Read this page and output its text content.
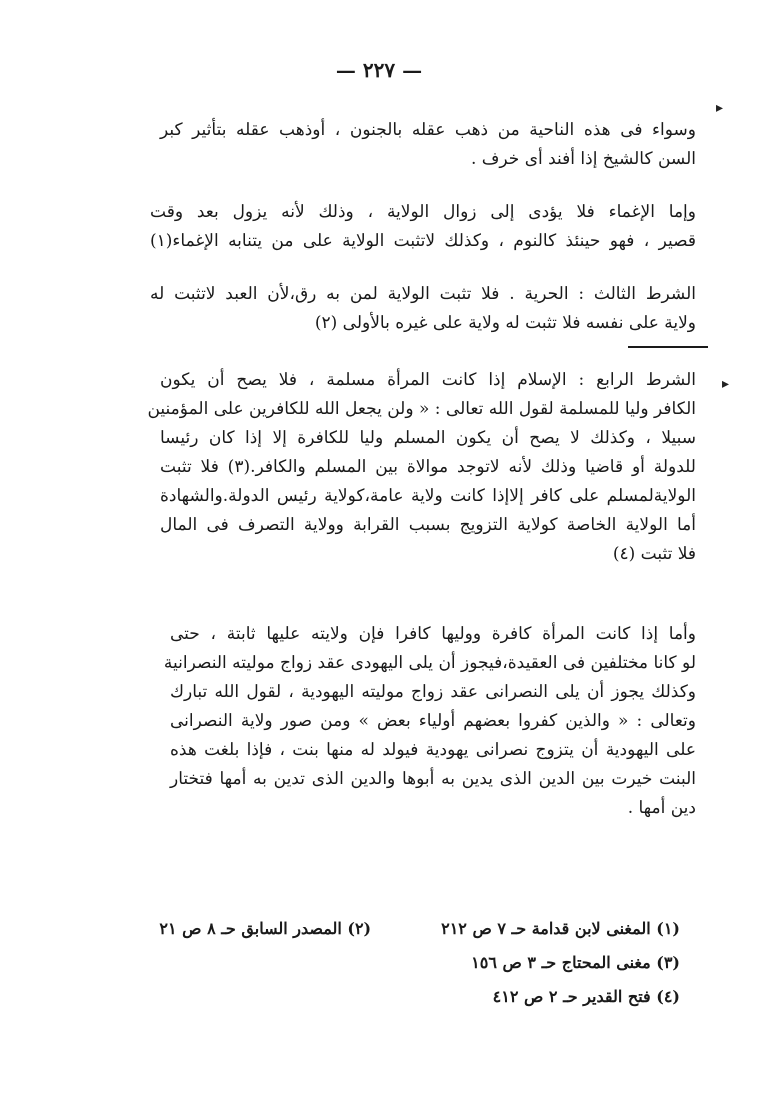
— ٢٢٧ —
▸
▸
وسواء فى هذه الناحية من ذهب عقله بالجنون ، أوذهب عقله بتأثير كبر
السن كالشيخ إذا أفند أى خرف .
وإما الإغماء فلا يؤدى إلى زوال الولاية ، وذلك لأنه يزول بعد وقت
قصير ، فهو حينئذ كالنوم ، وكذلك لاتثبت الولاية على من يتنابه الإغماء(١)
الشرط الثالث : الحرية . فلا تثبت الولاية لمن به رق،لأن العبد لاتثبت له
ولاية على نفسه فلا تثبت له ولاية على غيره بالأولى (٢)
الشرط الرابع : الإسلام إذا كانت المرأة مسلمة ، فلا يصح أن يكون
الكافر وليا للمسلمة لقول الله تعالى : « ولن يجعل الله للكافرين على المؤمنين
سبيلا ، وكذلك لا يصح أن يكون المسلم وليا للكافرة إلا إذا كان رئيسا
للدولة أو قاضيا وذلك لأنه لاتوجد موالاة بين المسلم والكافر.(٣) فلا تثبت
الولايةلمسلم على كافر إلاإذا كانت ولاية عامة،كولاية رئيس الدولة.والشهادة
أما الولاية الخاصة كولاية التزويج بسبب القرابة وولاية التصرف فى المال
فلا تثبت (٤)
وأما إذا كانت المرأة كافرة ووليها كافرا فإن ولايته عليها ثابتة ، حتى
لو كانا مختلفين فى العقيدة،فيجوز أن يلى اليهودى عقد زواج موليته النصرانية
وكذلك يجوز أن يلى النصرانى عقد زواج موليته اليهودية ، لقول الله تبارك
وتعالى : « والذين كفروا بعضهم أولياء بعض » ومن صور ولاية النصرانى
على اليهودية أن يتزوج نصرانى يهودية فيولد له منها بنت ، فإذا بلغت هذه
البنت خيرت بين الدين الذى يدين به أبوها والدين الذى تدين به أمها فتختار
دين أمها .
(١) المغنى لابن قدامة حـ ٧ ص ٢١٢
(٢) المصدر السابق حـ ٨ ص ٢١
(٣) مغنى المحتاج حـ ٣ ص ١٥٦
(٤) فتح القدير حـ ٢ ص ٤١٢
